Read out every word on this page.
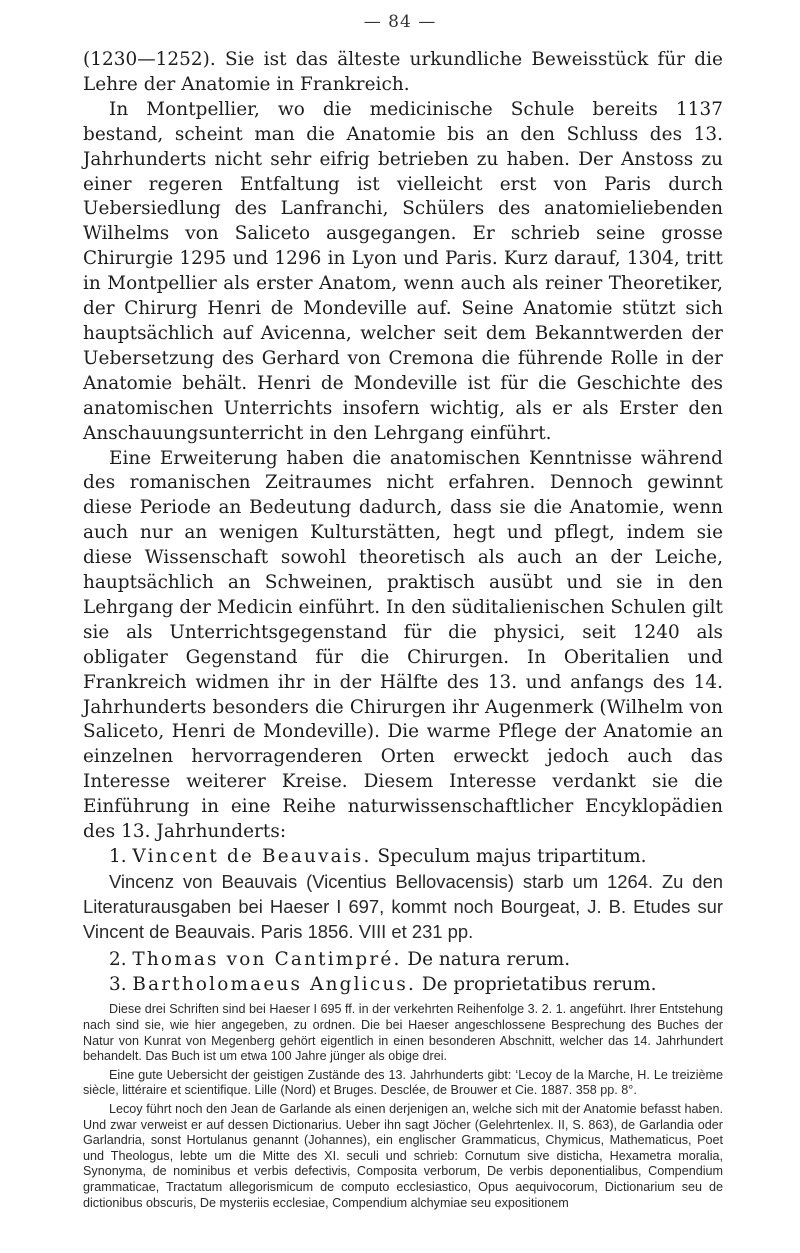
— 84 —

(1230—1252). Sie ist das älteste urkundliche Beweisstück für die Lehre der Anatomie in Frankreich.

In Montpellier, wo die medicinische Schule bereits 1137 bestand, scheint man die Anatomie bis an den Schluss des 13. Jahrhunderts nicht sehr eifrig betrieben zu haben. Der Anstoss zu einer regeren Entfaltung ist vielleicht erst von Paris durch Uebersiedlung des Lanfranchi, Schülers des anatomieliebenden Wilhelms von Saliceto ausgegangen. Er schrieb seine grosse Chirurgie 1295 und 1296 in Lyon und Paris. Kurz darauf, 1304, tritt in Montpellier als erster Anatom, wenn auch als reiner Theoretiker, der Chirurg Henri de Mondeville auf. Seine Anatomie stützt sich hauptsächlich auf Avicenna, welcher seit dem Bekanntwerden der Uebersetzung des Gerhard von Cremona die führende Rolle in der Anatomie behält. Henri de Mondeville ist für die Geschichte des anatomischen Unterrichts insofern wichtig, als er als Erster den Anschauungsunterricht in den Lehrgang einführt.

Eine Erweiterung haben die anatomischen Kenntnisse während des romanischen Zeitraumes nicht erfahren. Dennoch gewinnt diese Periode an Bedeutung dadurch, dass sie die Anatomie, wenn auch nur an wenigen Kulturstätten, hegt und pflegt, indem sie diese Wissenschaft sowohl theoretisch als auch an der Leiche, hauptsächlich an Schweinen, praktisch ausübt und sie in den Lehrgang der Medicin einführt. In den süditalienischen Schulen gilt sie als Unterrichtsgegenstand für die physici, seit 1240 als obligater Gegenstand für die Chirurgen. In Oberitalien und Frankreich widmen ihr in der Hälfte des 13. und anfangs des 14. Jahrhunderts besonders die Chirurgen ihr Augenmerk (Wilhelm von Saliceto, Henri de Mondeville). Die warme Pflege der Anatomie an einzelnen hervorragenderen Orten erweckt jedoch auch das Interesse weiterer Kreise. Diesem Interesse verdankt sie die Einführung in eine Reihe naturwissenschaftlicher Encyklopädien des 13. Jahrhunderts:

1. Vincent de Beauvais. Speculum majus tripartitum.

Vincenz von Beauvais (Vicentius Bellovacensis) starb um 1264. Zu den Literaturausgaben bei Haeser I 697, kommt noch Bourgeat, J. B. Etudes sur Vincent de Beauvais. Paris 1856. VIII et 231 pp.

2. Thomas von Cantimpré. De natura rerum.

3. Bartholomaeus Anglicus. De proprietatibus rerum.

Diese drei Schriften sind bei Haeser I 695 ff. in der verkehrten Reihenfolge 3. 2. 1. angeführt. Ihrer Entstehung nach sind sie, wie hier angegeben, zu ordnen. Die bei Haeser angeschlossene Besprechung des Buches der Natur von Kunrat von Megenberg gehört eigentlich in einen besonderen Abschnitt, welcher das 14. Jahrhundert behandelt. Das Buch ist um etwa 100 Jahre jünger als obige drei.

Eine gute Uebersicht der geistigen Zustände des 13. Jahrhunderts gibt: ‘Lecoy de la Marche, H. Le treizième siècle, littéraire et scientifique. Lille (Nord) et Bruges. Desclée, de Brouwer et Cie. 1887. 358 pp. 8°.

Lecoy führt noch den Jean de Garlande als einen derjenigen an, welche sich mit der Anatomie befasst haben. Und zwar verweist er auf dessen Dictionarius. Ueber ihn sagt Jöcher (Gelehrtenlex. II, S. 863), de Garlandia oder Garlandria, sonst Hortulanus genannt (Johannes), ein englischer Grammaticus, Chymicus, Mathematicus, Poet und Theologus, lebte um die Mitte des XI. seculi und schrieb: Cornutum sive disticha, Hexametra moralia, Synonyma, de nominibus et verbis defectivis, Composita verborum, De verbis deponentialibus, Compendium grammaticae, Tractatum allegorismicum de computo ecclesiastico, Opus aequivocorum, Dictionarium seu de dictionibus obscuris, De mysteriis ecclesiae, Compendium alchymiae seu expositionem
